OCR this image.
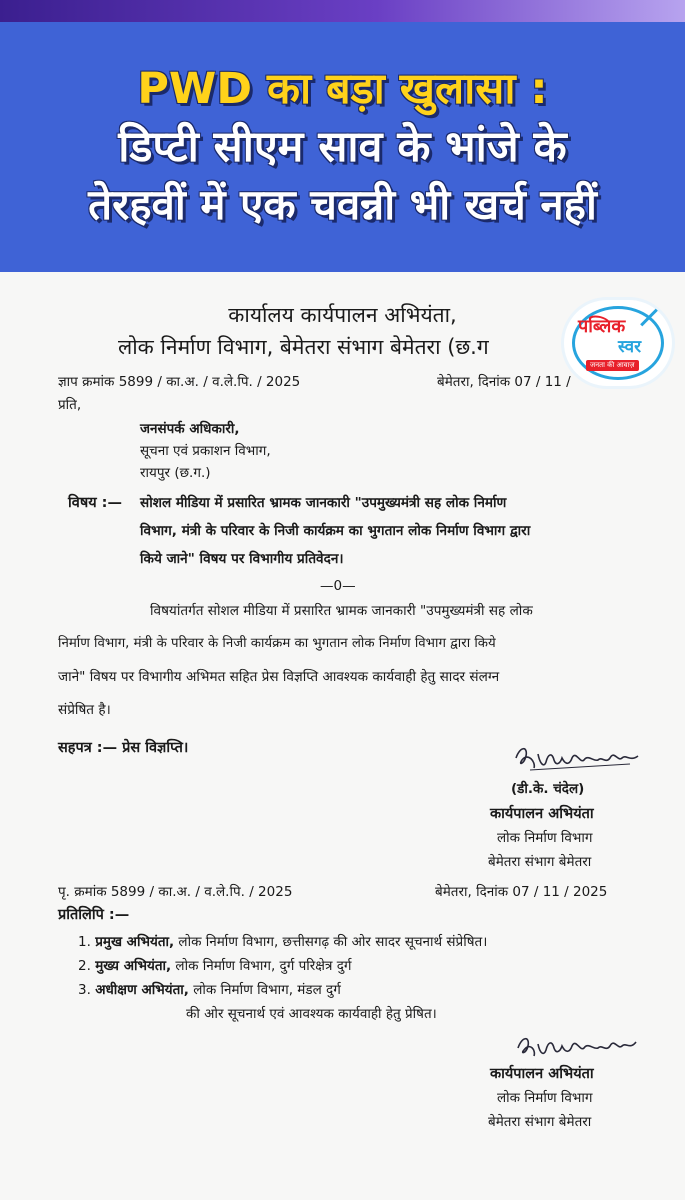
PWD का बड़ा खुलासा :
डिप्टी सीएम साव के भांजे के
तेरहवीं में एक चवन्नी भी खर्च नहीं
कार्यालय कार्यपालन अभियंता,
लोक निर्माण विभाग, बेमेतरा संभाग बेमेतरा (छ.ग
पब्लिक
स्वर
जनता की आवाज़
ज्ञाप क्रमांक 5899 / का.अ. / व.ले.पि. / 2025	बेमेतरा, दिनांक 07 / 11 /
प्रति,
जनसंपर्क अधिकारी,
सूचना एवं प्रकाशन विभाग,
रायपुर (छ.ग.)
विषय :— सोशल मीडिया में प्रसारित भ्रामक जानकारी "उपमुख्यमंत्री सह लोक निर्माण
विभाग, मंत्री के परिवार के निजी कार्यक्रम का भुगतान लोक निर्माण विभाग द्वारा
किये जाने" विषय पर विभागीय प्रतिवेदन।
—0—
विषयांतर्गत सोशल मीडिया में प्रसारित भ्रामक जानकारी "उपमुख्यमंत्री सह लोक
निर्माण विभाग, मंत्री के परिवार के निजी कार्यक्रम का भुगतान लोक निर्माण विभाग द्वारा किये
जाने" विषय पर विभागीय अभिमत सहित प्रेस विज्ञप्ति आवश्यक कार्यवाही हेतु सादर संलग्न
संप्रेषित है।
सहपत्र :— प्रेस विज्ञप्ति।
(डी.के. चंदेल)
कार्यपालन अभियंता
लोक निर्माण विभाग
बेमेतरा संभाग बेमेतरा
पृ. क्रमांक 5899 / का.अ. / व.ले.पि. / 2025	बेमेतरा, दिनांक 07 / 11 / 2025
प्रतिलिपि :—
1. प्रमुख अभियंता, लोक निर्माण विभाग, छत्तीसगढ़ की ओर सादर सूचनार्थ संप्रेषित।
2. मुख्य अभियंता, लोक निर्माण विभाग, दुर्ग परिक्षेत्र दुर्ग
3. अधीक्षण अभियंता, लोक निर्माण विभाग, मंडल दुर्ग
की ओर सूचनार्थ एवं आवश्यक कार्यवाही हेतु प्रेषित।
कार्यपालन अभियंता
लोक निर्माण विभाग
बेमेतरा संभाग बेमेतरा
